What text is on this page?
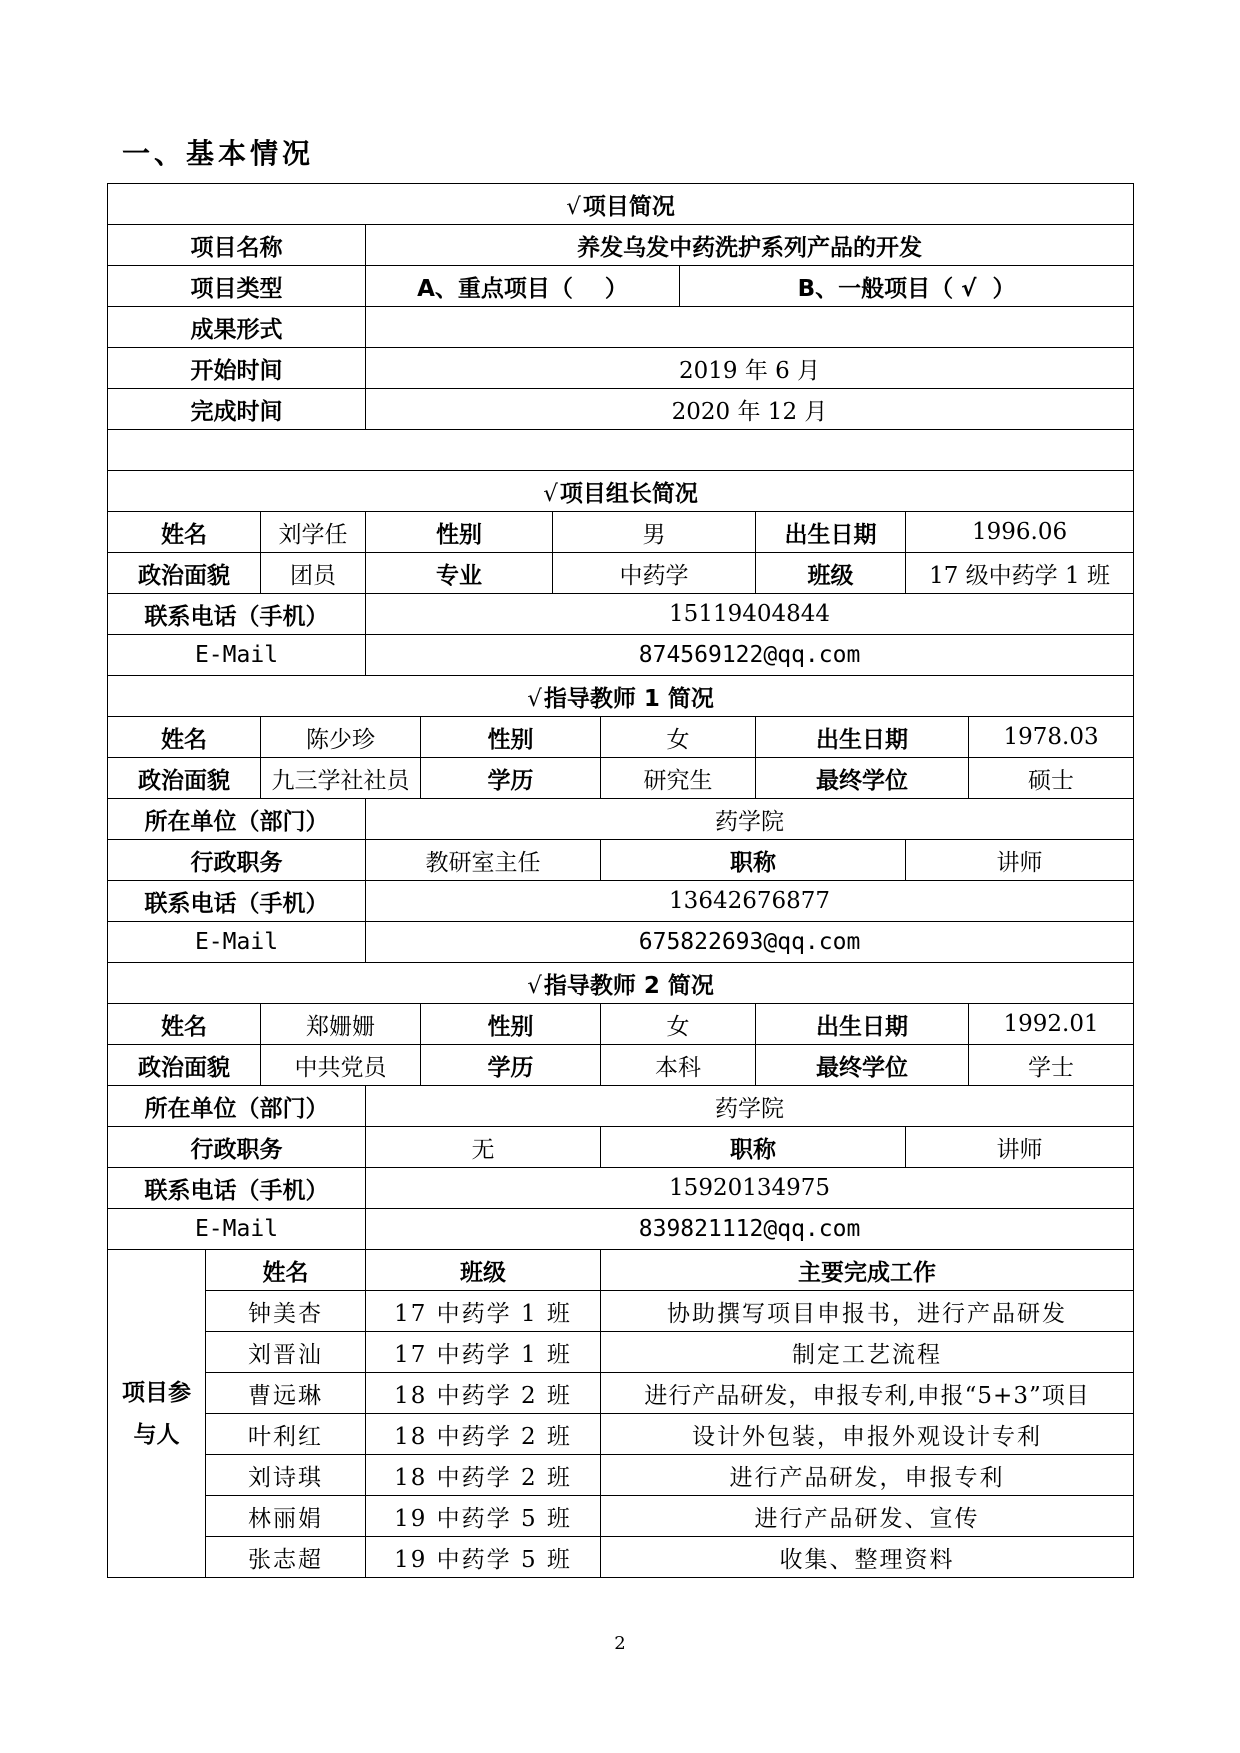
一、基本情况
√项目简况										
项目名称			养发乌发中药洗护系列产品的开发							
项目类型			A、重点项目（    ）				B、一般项目（ √  ）			
成果形式										
开始时间			2019 年 6 月							
完成时间			2020 年 12 月							

√项目组长简况										
姓名		刘学任	性别		男			出生日期	1996.06	
政治面貌		团员	专业		中药学			班级	17 级中药学 1 班	
联系电话（手机）			15119404844							
E-Mail			874569122@qq.com							
√指导教师 1 简况										
姓名		陈少珍		性别		女		出生日期		1978.03
政治面貌		九三学社社员		学历		研究生		最终学位		硕士
所在单位（部门）			药学院							
行政职务			教研室主任			职称			讲师	
联系电话（手机）			13642676877							
E-Mail			675822693@qq.com							
√指导教师 2 简况										
姓名		郑姗姗		性别		女		出生日期		1992.01
政治面貌		中共党员		学历		本科		最终学位		学士
所在单位（部门）			药学院							
行政职务			无			职称			讲师	
联系电话（手机）			15920134975							
E-Mail			839821112@qq.com							
项目参与人	姓名		班级			主要完成工作				
	钟美杏		17 中药学 1 班			协助撰写项目申报书，进行产品研发				
	刘晋汕		17 中药学 1 班			制定工艺流程				
	曹远琳		18 中药学 2 班			进行产品研发，申报专利,申报“5+3”项目				
	叶利红		18 中药学 2 班			设计外包装，申报外观设计专利				
	刘诗琪		18 中药学 2 班			进行产品研发，申报专利				
	林丽娟		19 中药学 5 班			进行产品研发、宣传				
	张志超		19 中药学 5 班			收集、整理资料				
2
